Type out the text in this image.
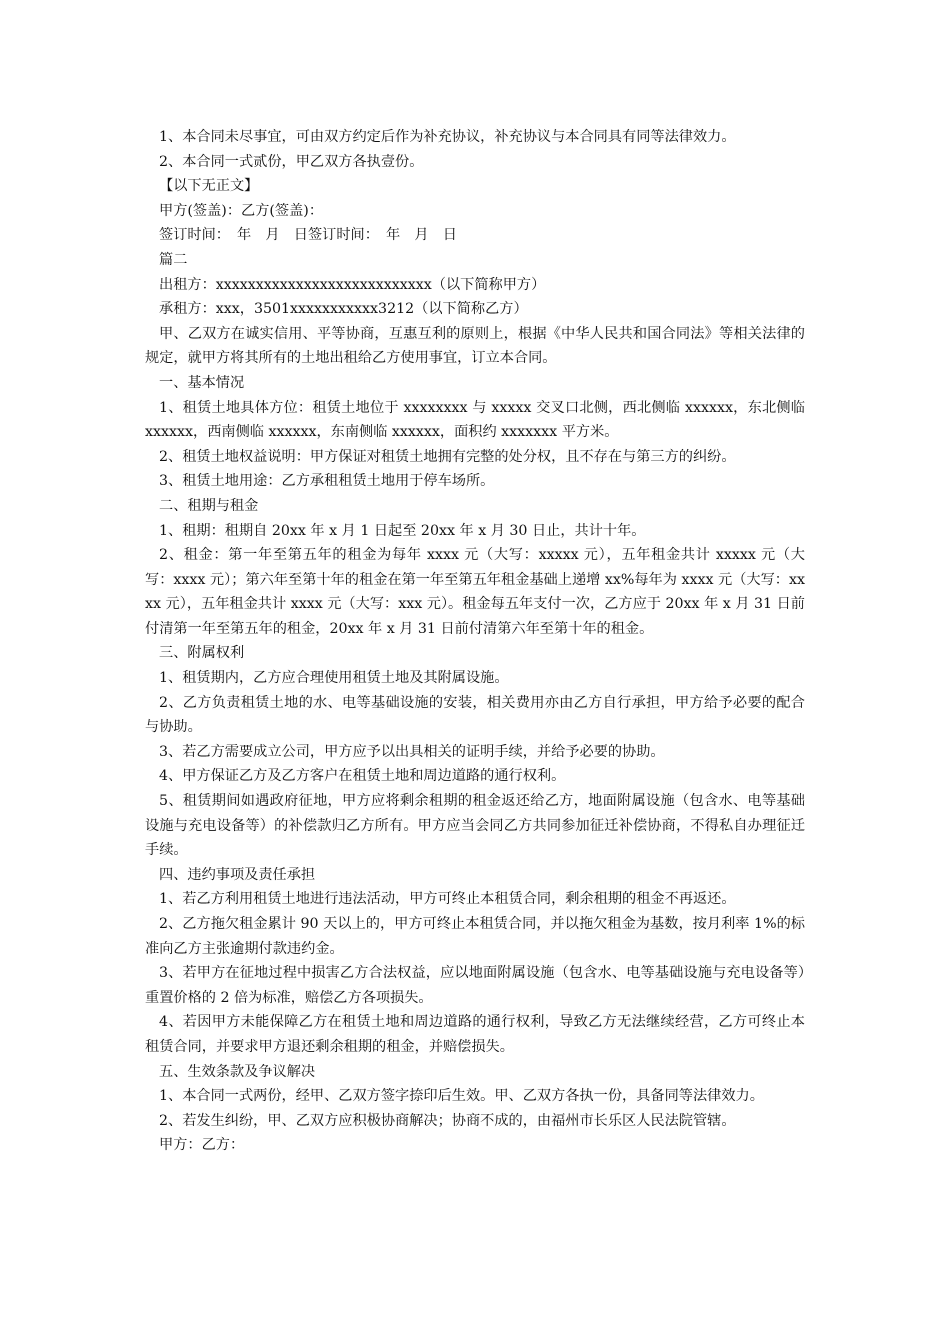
1、本合同未尽事宜，可由双方约定后作为补充协议，补充协议与本合同具有同等法律效力。

2、本合同一式贰份，甲乙双方各执壹份。

【以下无正文】

甲方(签盖)：乙方(签盖)：

签订时间：　年　月　日签订时间：　年　月　日

篇二

出租方：xxxxxxxxxxxxxxxxxxxxxxxxxxx（以下简称甲方）

承租方：xxx，3501xxxxxxxxxxx3212（以下简称乙方）

甲、乙双方在诚实信用、平等协商，互惠互利的原则上，根据《中华人民共和国合同法》等相关法律的规定，就甲方将其所有的土地出租给乙方使用事宜，订立本合同。

一、基本情况

1、租赁土地具体方位：租赁土地位于 xxxxxxxx 与 xxxxx 交叉口北侧，西北侧临 xxxxxx，东北侧临 xxxxxx，西南侧临 xxxxxx，东南侧临 xxxxxx，面积约 xxxxxxx 平方米。

2、租赁土地权益说明：甲方保证对租赁土地拥有完整的处分权，且不存在与第三方的纠纷。

3、租赁土地用途：乙方承租租赁土地用于停车场所。

二、租期与租金

1、租期：租期自 20xx 年 x 月 1 日起至 20xx 年 x 月 30 日止，共计十年。

2、租金：第一年至第五年的租金为每年 xxxx 元（大写：xxxxx 元），五年租金共计 xxxxx 元（大写：xxxx 元）；第六年至第十年的租金在第一年至第五年租金基础上递增 xx%每年为 xxxx 元（大写：xxxx 元），五年租金共计 xxxx 元（大写：xxx 元）。租金每五年支付一次，乙方应于 20xx 年 x 月 31 日前付清第一年至第五年的租金，20xx 年 x 月 31 日前付清第六年至第十年的租金。

三、附属权利

1、租赁期内，乙方应合理使用租赁土地及其附属设施。

2、乙方负责租赁土地的水、电等基础设施的安装，相关费用亦由乙方自行承担，甲方给予必要的配合与协助。

3、若乙方需要成立公司，甲方应予以出具相关的证明手续，并给予必要的协助。

4、甲方保证乙方及乙方客户在租赁土地和周边道路的通行权利。

5、租赁期间如遇政府征地，甲方应将剩余租期的租金返还给乙方，地面附属设施（包含水、电等基础设施与充电设备等）的补偿款归乙方所有。甲方应当会同乙方共同参加征迁补偿协商，不得私自办理征迁手续。

四、违约事项及责任承担

1、若乙方利用租赁土地进行违法活动，甲方可终止本租赁合同，剩余租期的租金不再返还。

2、乙方拖欠租金累计 90 天以上的，甲方可终止本租赁合同，并以拖欠租金为基数，按月利率 1%的标准向乙方主张逾期付款违约金。

3、若甲方在征地过程中损害乙方合法权益，应以地面附属设施（包含水、电等基础设施与充电设备等）重置价格的 2 倍为标准，赔偿乙方各项损失。

4、若因甲方未能保障乙方在租赁土地和周边道路的通行权利，导致乙方无法继续经营，乙方可终止本租赁合同，并要求甲方退还剩余租期的租金，并赔偿损失。

五、生效条款及争议解决

1、本合同一式两份，经甲、乙双方签字捺印后生效。甲、乙双方各执一份，具备同等法律效力。

2、若发生纠纷，甲、乙双方应积极协商解决；协商不成的，由福州市长乐区人民法院管辖。

甲方：乙方：
